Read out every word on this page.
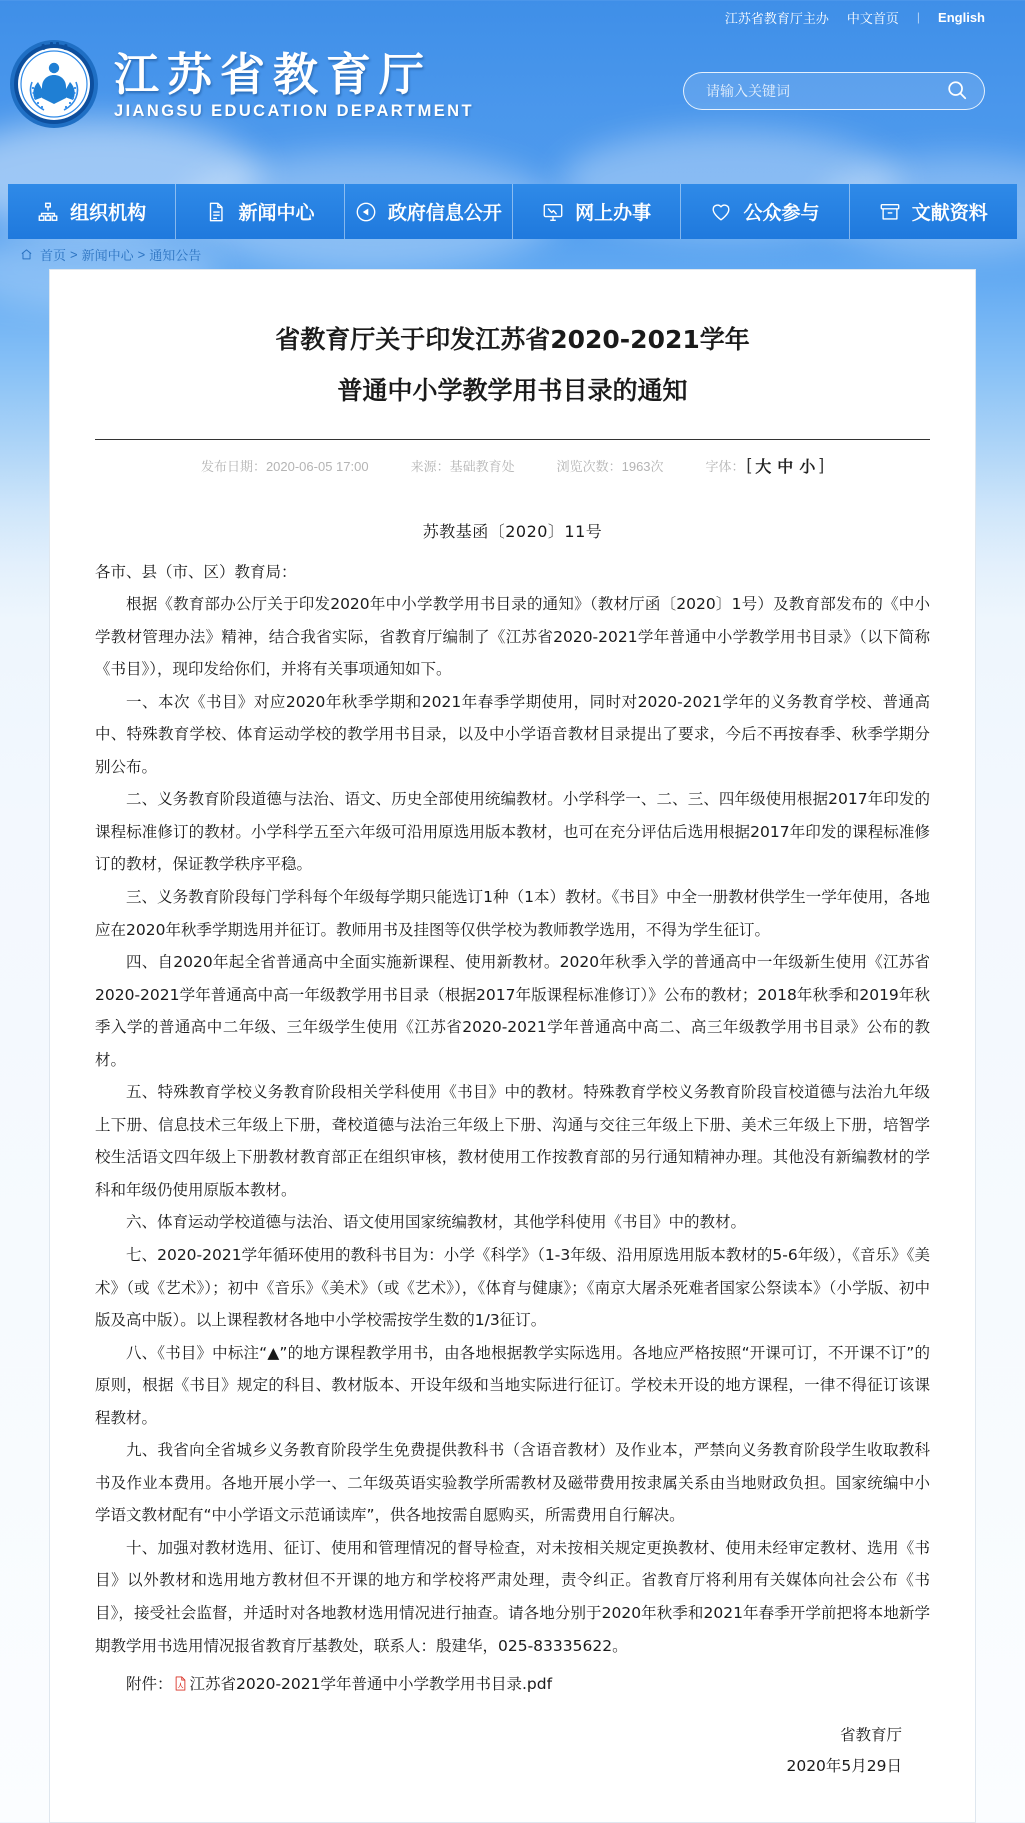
江苏省教育厅主办 中文首页 | English
江苏省教育厅
JIANGSU EDUCATION DEPARTMENT
请输入关键词
组织机构	新闻中心	政府信息公开	网上办事	公众参与	文献资料
首页 > 新闻中心 > 通知公告
省教育厅关于印发江苏省2020-2021学年
普通中小学教学用书目录的通知
发布日期：2020-06-05 17:00	来源：基础教育处	浏览次数：1963次	字体： [ 大 中 小 ]
苏教基函〔2020〕11号

各市、县（市、区）教育局：

根据《教育部办公厅关于印发2020年中小学教学用书目录的通知》（教材厅函〔2020〕1号）及教育部发布的《中小学教材管理办法》精神，结合我省实际，省教育厅编制了《江苏省2020-2021学年普通中小学教学用书目录》（以下简称《书目》），现印发给你们，并将有关事项通知如下。

一、本次《书目》对应2020年秋季学期和2021年春季学期使用，同时对2020-2021学年的义务教育学校、普通高中、特殊教育学校、体育运动学校的教学用书目录，以及中小学语音教材目录提出了要求，今后不再按春季、秋季学期分别公布。

二、义务教育阶段道德与法治、语文、历史全部使用统编教材。小学科学一、二、三、四年级使用根据2017年印发的课程标准修订的教材。小学科学五至六年级可沿用原选用版本教材，也可在充分评估后选用根据2017年印发的课程标准修订的教材，保证教学秩序平稳。

三、义务教育阶段每门学科每个年级每学期只能选订1种（1本）教材。《书目》中全一册教材供学生一学年使用，各地应在2020年秋季学期选用并征订。教师用书及挂图等仅供学校为教师教学选用，不得为学生征订。

四、自2020年起全省普通高中全面实施新课程、使用新教材。2020年秋季入学的普通高中一年级新生使用《江苏省2020-2021学年普通高中高一年级教学用书目录（根据2017年版课程标准修订）》公布的教材；2018年秋季和2019年秋季入学的普通高中二年级、三年级学生使用《江苏省2020-2021学年普通高中高二、高三年级教学用书目录》公布的教材。

五、特殊教育学校义务教育阶段相关学科使用《书目》中的教材。特殊教育学校义务教育阶段盲校道德与法治九年级上下册、信息技术三年级上下册，聋校道德与法治三年级上下册、沟通与交往三年级上下册、美术三年级上下册，培智学校生活语文四年级上下册教材教育部正在组织审核，教材使用工作按教育部的另行通知精神办理。其他没有新编教材的学科和年级仍使用原版本教材。

六、体育运动学校道德与法治、语文使用国家统编教材，其他学科使用《书目》中的教材。

七、2020-2021学年循环使用的教科书目为：小学《科学》（1-3年级、沿用原选用版本教材的5-6年级），《音乐》《美术》（或《艺术》）；初中《音乐》《美术》（或《艺术》），《体育与健康》；《南京大屠杀死难者国家公祭读本》（小学版、初中版及高中版）。以上课程教材各地中小学校需按学生数的1/3征订。

八、《书目》中标注“▲”的地方课程教学用书，由各地根据教学实际选用。各地应严格按照“开课可订，不开课不订”的原则，根据《书目》规定的科目、教材版本、开设年级和当地实际进行征订。学校未开设的地方课程，一律不得征订该课程教材。

九、我省向全省城乡义务教育阶段学生免费提供教科书（含语音教材）及作业本，严禁向义务教育阶段学生收取教科书及作业本费用。各地开展小学一、二年级英语实验教学所需教材及磁带费用按隶属关系由当地财政负担。国家统编中小学语文教材配有“中小学语文示范诵读库”，供各地按需自愿购买，所需费用自行解决。

十、加强对教材选用、征订、使用和管理情况的督导检查，对未按相关规定更换教材、使用未经审定教材、选用《书目》以外教材和选用地方教材但不开课的地方和学校将严肃处理，责令纠正。省教育厅将利用有关媒体向社会公布《书目》，接受社会监督，并适时对各地教材选用情况进行抽查。请各地分别于2020年秋季和2021年春季开学前把将本地新学期教学用书选用情况报省教育厅基教处，联系人：殷建华，025-83335622。

附件： 人 江苏省2020-2021学年普通中小学教学用书目录.pdf
省教育厅
2020年5月29日
